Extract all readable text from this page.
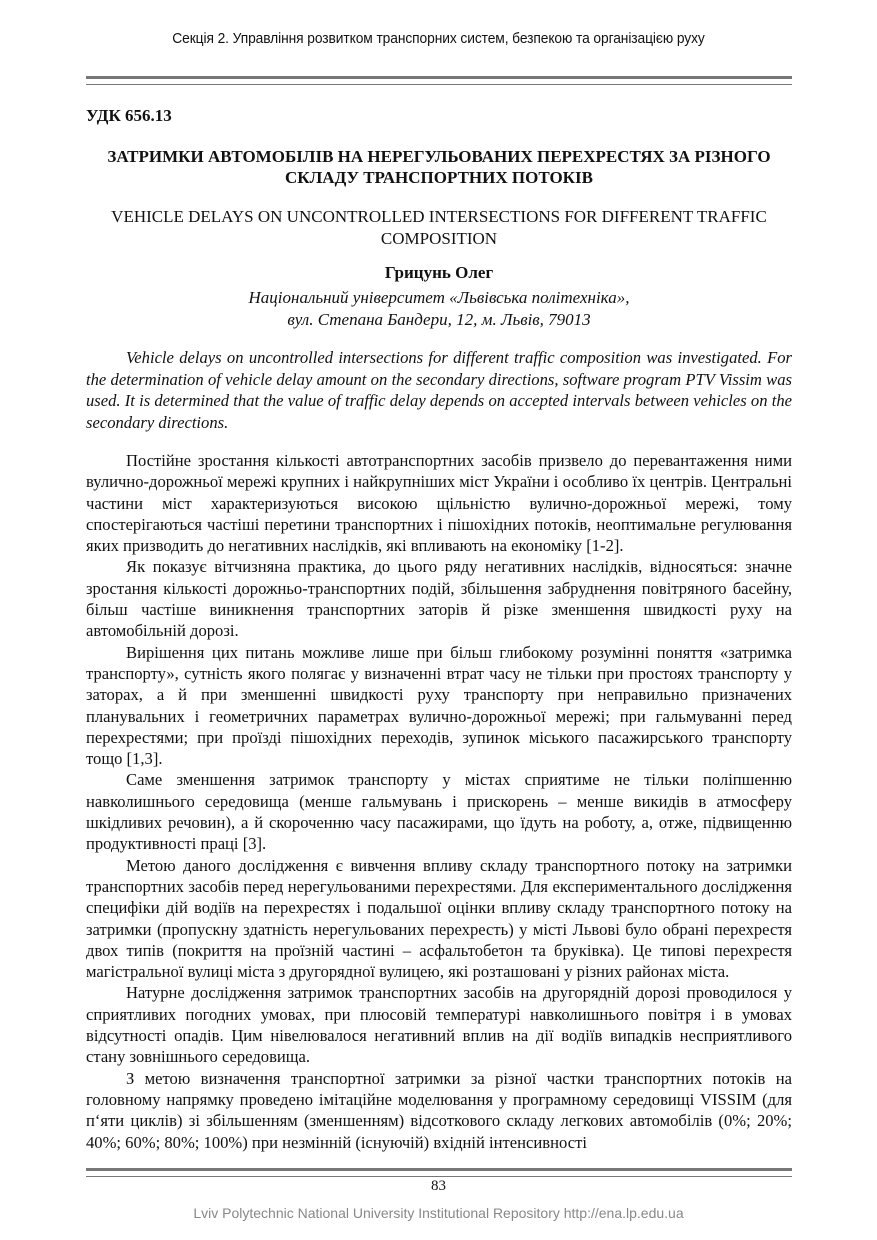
Секція 2. Управління розвитком транспорних систем, безпекою та організацією руху
УДК 656.13
ЗАТРИМКИ АВТОМОБІЛІВ НА НЕРЕГУЛЬОВАНИХ ПЕРЕХРЕСТЯХ ЗА РІЗНОГО СКЛАДУ ТРАНСПОРТНИХ ПОТОКІВ
VEHICLE DELAYS ON UNCONTROLLED INTERSECTIONS FOR DIFFERENT TRAFFIC COMPOSITION
Грицунь Олег
Національний університет «Львівська політехніка»,
вул. Степана Бандери, 12, м. Львів, 79013

Vehicle delays on uncontrolled intersections for different traffic composition was investigated. For the determination of vehicle delay amount on the secondary directions, software program PTV Vissim was used. It is determined that the value of traffic delay depends on accepted intervals between vehicles on the secondary directions.

Постійне зростання кількості автотранспортних засобів призвело до перевантаження ними вулично-дорожньої мережі крупних і найкрупніших міст України і особливо їх центрів. Центральні частини міст характеризуються високою щільністю вулично-дорожньої мережі, тому спостерігаються частіші перетини транспортних і пішохідних потоків, неоптимальне регулювання яких призводить до негативних наслідків, які впливають на економіку [1-2].

Як показує вітчизняна практика, до цього ряду негативних наслідків, відносяться: значне зростання кількості дорожньо-транспортних подій, збільшення забруднення повітряного басейну, більш частіше виникнення транспортних заторів й різке зменшення швидкості руху на автомобільній дорозі.

Вирішення цих питань можливе лише при більш глибокому розумінні поняття «затримка транспорту», сутність якого полягає у визначенні втрат часу не тільки при простоях транспорту у заторах, а й при зменшенні швидкості руху транспорту при неправильно призначених планувальних і геометричних параметрах вулично-дорожньої мережі; при гальмуванні перед перехрестями; при проїзді пішохідних переходів, зупинок міського пасажирського транспорту тощо [1,3].

Саме зменшення затримок транспорту у містах сприятиме не тільки поліпшенню навколишнього середовища (менше гальмувань і прискорень – менше викидів в атмосферу шкідливих речовин), а й скороченню часу пасажирами, що їдуть на роботу, а, отже, підвищенню продуктивності праці [3].

Метою даного дослідження є вивчення впливу складу транспортного потоку на затримки транспортних засобів перед нерегульованими перехрестями. Для експериментального дослідження специфіки дій водіїв на перехрестях і подальшої оцінки впливу складу транспортного потоку на затримки (пропускну здатність нерегульованих перехресть) у місті Львові було обрані перехрестя двох типів (покриття на проїзній частині – асфальтобетон та бруківка). Це типові перехрестя магістральної вулиці міста з другорядної вулицею, які розташовані у різних районах міста.

Натурне дослідження затримок транспортних засобів на другорядній дорозі проводилося у сприятливих погодних умовах, при плюсовій температурі навколишнього повітря і в умовах відсутності опадів. Цим нівелювалося негативний вплив на дії водіїв випадків несприятливого стану зовнішнього середовища.

З метою визначення транспортної затримки за різної частки транспортних потоків на головному напрямку проведено імітаційне моделювання у програмному середовищі VISSIM (для п‘яти циклів) зі збільшенням (зменшенням) відсоткового складу легкових автомобілів (0%; 20%; 40%; 60%; 80%; 100%) при незмінній (існуючій) вхідній інтенсивності

83
Lviv Polytechnic National University Institutional Repository http://ena.lp.edu.ua
